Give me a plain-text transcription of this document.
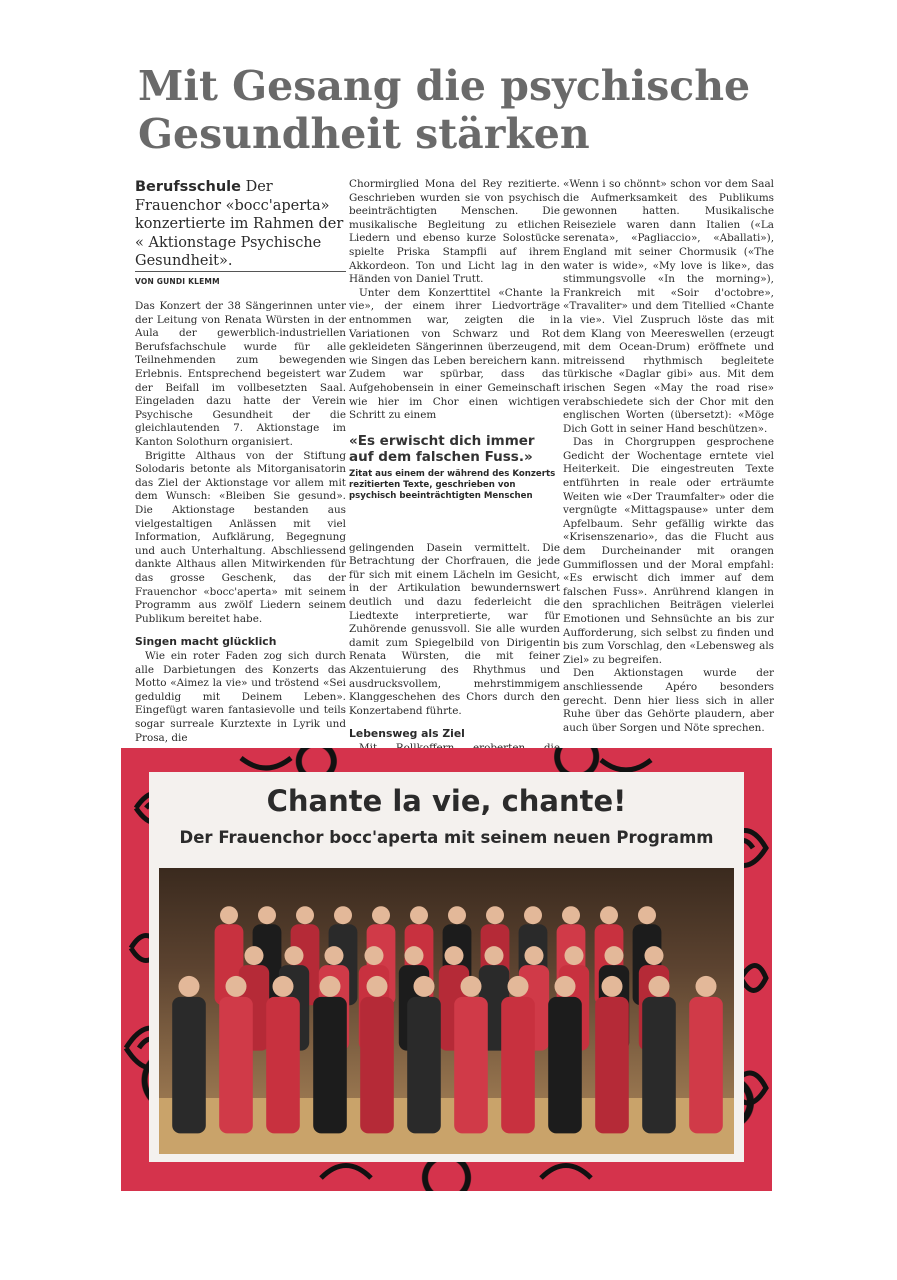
Mit Gesang die psychische
Gesundheit stärken

Berufsschule Der Frauenchor «bocc'aperta» konzertierte im Rahmen der « Aktionstage Psychische Gesundheit».

VON GUNDI KLEMM

Das Konzert der 38 Sängerinnen unter der Leitung von Renata Würsten in der Aula der gewerblich-industriellen Berufsfachschule wurde für alle Teilnehmenden zum bewegenden Erlebnis. Entsprechend begeistert war der Beifall im vollbesetzten Saal. Eingeladen dazu hatte der Verein Psychische Gesundheit der die gleichlautenden 7. Aktionstage im Kanton Solothurn organisiert.

Brigitte Althaus von der Stiftung Solodaris betonte als Mitorganisatorin das Ziel der Aktionstage vor allem mit dem Wunsch: «Bleiben Sie gesund». Die Aktionstage bestanden aus vielgestaltigen Anlässen mit viel Information, Aufklärung, Begegnung und auch Unterhaltung. Abschliessend dankte Althaus allen Mitwirkenden für das grosse Geschenk, das der Frauenchor «bocc'aperta» mit seinem Programm aus zwölf Liedern seinem Publikum bereitet habe.

Singen macht glücklich

Wie ein roter Faden zog sich durch alle Darbietungen des Konzerts das Motto «Aimez la vie» und tröstend «Sei geduldig mit Deinem Leben». Eingefügt waren fantasievolle und teils sogar surreale Kurztexte in Lyrik und Prosa, die

Chormirglied Mona del Rey rezitierte. Geschrieben wurden sie von psychisch beeinträchtigten Menschen. Die musikalische Begleitung zu etlichen Liedern und ebenso kurze Solostücke spielte Priska Stampfli auf ihrem Akkordeon. Ton und Licht lag in den Händen von Daniel Trutt.

Unter dem Konzerttitel «Chante la vie», der einem ihrer Liedvorträge entnommen war, zeigten die in Variationen von Schwarz und Rot gekleideten Sängerinnen überzeugend, wie Singen das Leben bereichern kann. Zudem war spürbar, dass das Aufgehobensein in einer Gemeinschaft wie hier im Chor einen wichtigen Schritt zu einem

«Es erwischt dich immer auf dem falschen Fuss.»
Zitat aus einem der während des Konzerts rezitierten Texte, geschrieben von psychisch beeinträchtigten Menschen

gelingenden Dasein vermittelt. Die Betrachtung der Chorfrauen, die jede für sich mit einem Lächeln im Gesicht, in der Artikulation bewundernswert deutlich und dazu federleicht die Liedtexte interpretierte, war für Zuhörende genussvoll. Sie alle wurden damit zum Spiegelbild von Dirigentin Renata Würsten, die mit feiner Akzentuierung des Rhythmus und ausdrucksvollem, mehrstimmigem Klanggeschehen des Chors durch den Konzertabend führte.

Lebensweg als Ziel

«Wenn i so chönnt» schon vor dem Saal die Aufmerksamkeit des Publikums gewonnen hatten. Musikalische Reiseziele waren dann Italien («La serenata», «Pagliaccio», «Aballati»), England mit seiner Chormusik («The water is wide», «My love is like», das stimmungsvolle «In the morning»), Frankreich mit «Soir d'octobre», «Travaliter» und dem Titellied «Chante la vie». Viel Zuspruch löste das mit dem Klang von Meereswellen (erzeugt mit dem Ocean-Drum) eröffnete und mitreissend rhythmisch begleitete türkische «Daglar gibi» aus. Mit dem irischen Segen «May the road rise» verabschiedete sich der Chor mit den englischen Worten (übersetzt): «Möge Dich Gott in seiner Hand beschützen».

Das in Chorgruppen gesprochene Gedicht der Wochentage erntete viel Heiterkeit. Die eingestreuten Texte entführten in reale oder erträumte Weiten wie «Der Traumfalter» oder die vergnügte «Mittagspause» unter dem Apfelbaum. Sehr gefällig wirkte das «Krisenszenario», das die Flucht aus dem Durcheinander mit orangen Gummiflossen und der Moral empfahl: «Es erwischt dich immer auf dem falschen Fuss». Anrührend klangen in den sprachlichen Beiträgen vielerlei Emotionen und Sehnsüchte an bis zur Aufforderung, sich selbst zu finden und bis zum Vorschlag, den «Lebensweg als Ziel» zu begreifen.

Den Aktionstagen wurde der anschliessende Apéro besonders gerecht. Denn hier liess sich in aller Ruhe über das Gehörte plaudern, aber auch über Sorgen und Nöte sprechen.

Chante la vie, chante!
Der Frauenchor bocc'aperta mit seinem neuen Programm
